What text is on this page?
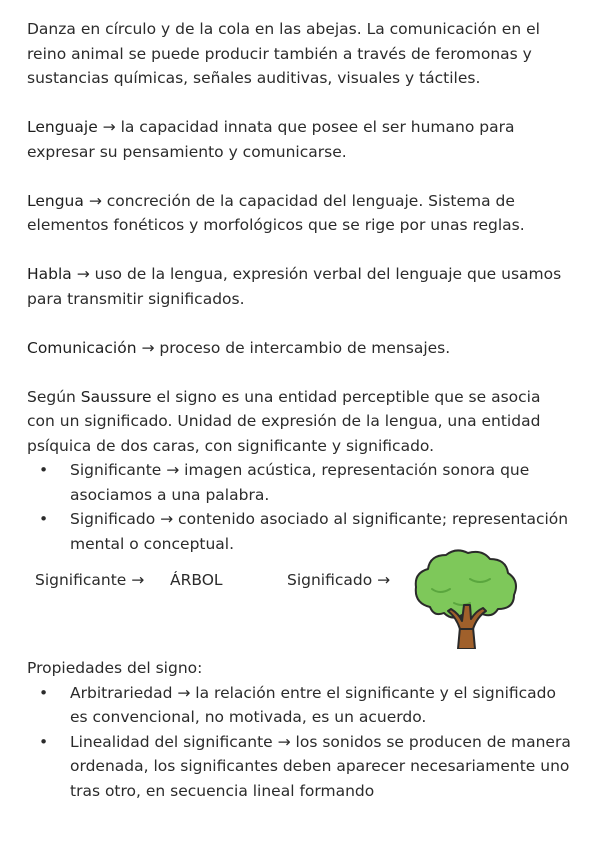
Danza en círculo y de la cola en las abejas. La comunicación en el reino animal se puede producir también a través de feromonas y sustancias químicas, señales auditivas, visuales y táctiles.

Lenguaje → la capacidad innata que posee el ser humano para expresar su pensamiento y comunicarse.

Lengua → concreción de la capacidad del lenguaje. Sistema de elementos fonéticos y morfológicos que se rige por unas reglas.

Habla → uso de la lengua, expresión verbal del lenguaje que usamos para transmitir significados.

Comunicación → proceso de intercambio de mensajes.

Según Saussure el signo es una entidad perceptible que se asocia con un significado. Unidad de expresión de la lengua, una entidad psíquica de dos caras, con significante y significado.

• Significante → imagen acústica, representación sonora que asociamos a una palabra.
• Significado → contenido asociado al significante; representación mental o conceptual.
Significante → ÁRBOL	Significado →

Propiedades del signo:

• Arbitrariedad → la relación entre el significante y el significado es convencional, no motivada, es un acuerdo.
• Linealidad del significante → los sonidos se producen de manera ordenada, los significantes deben aparecer necesariamente uno tras otro, en secuencia lineal formando
